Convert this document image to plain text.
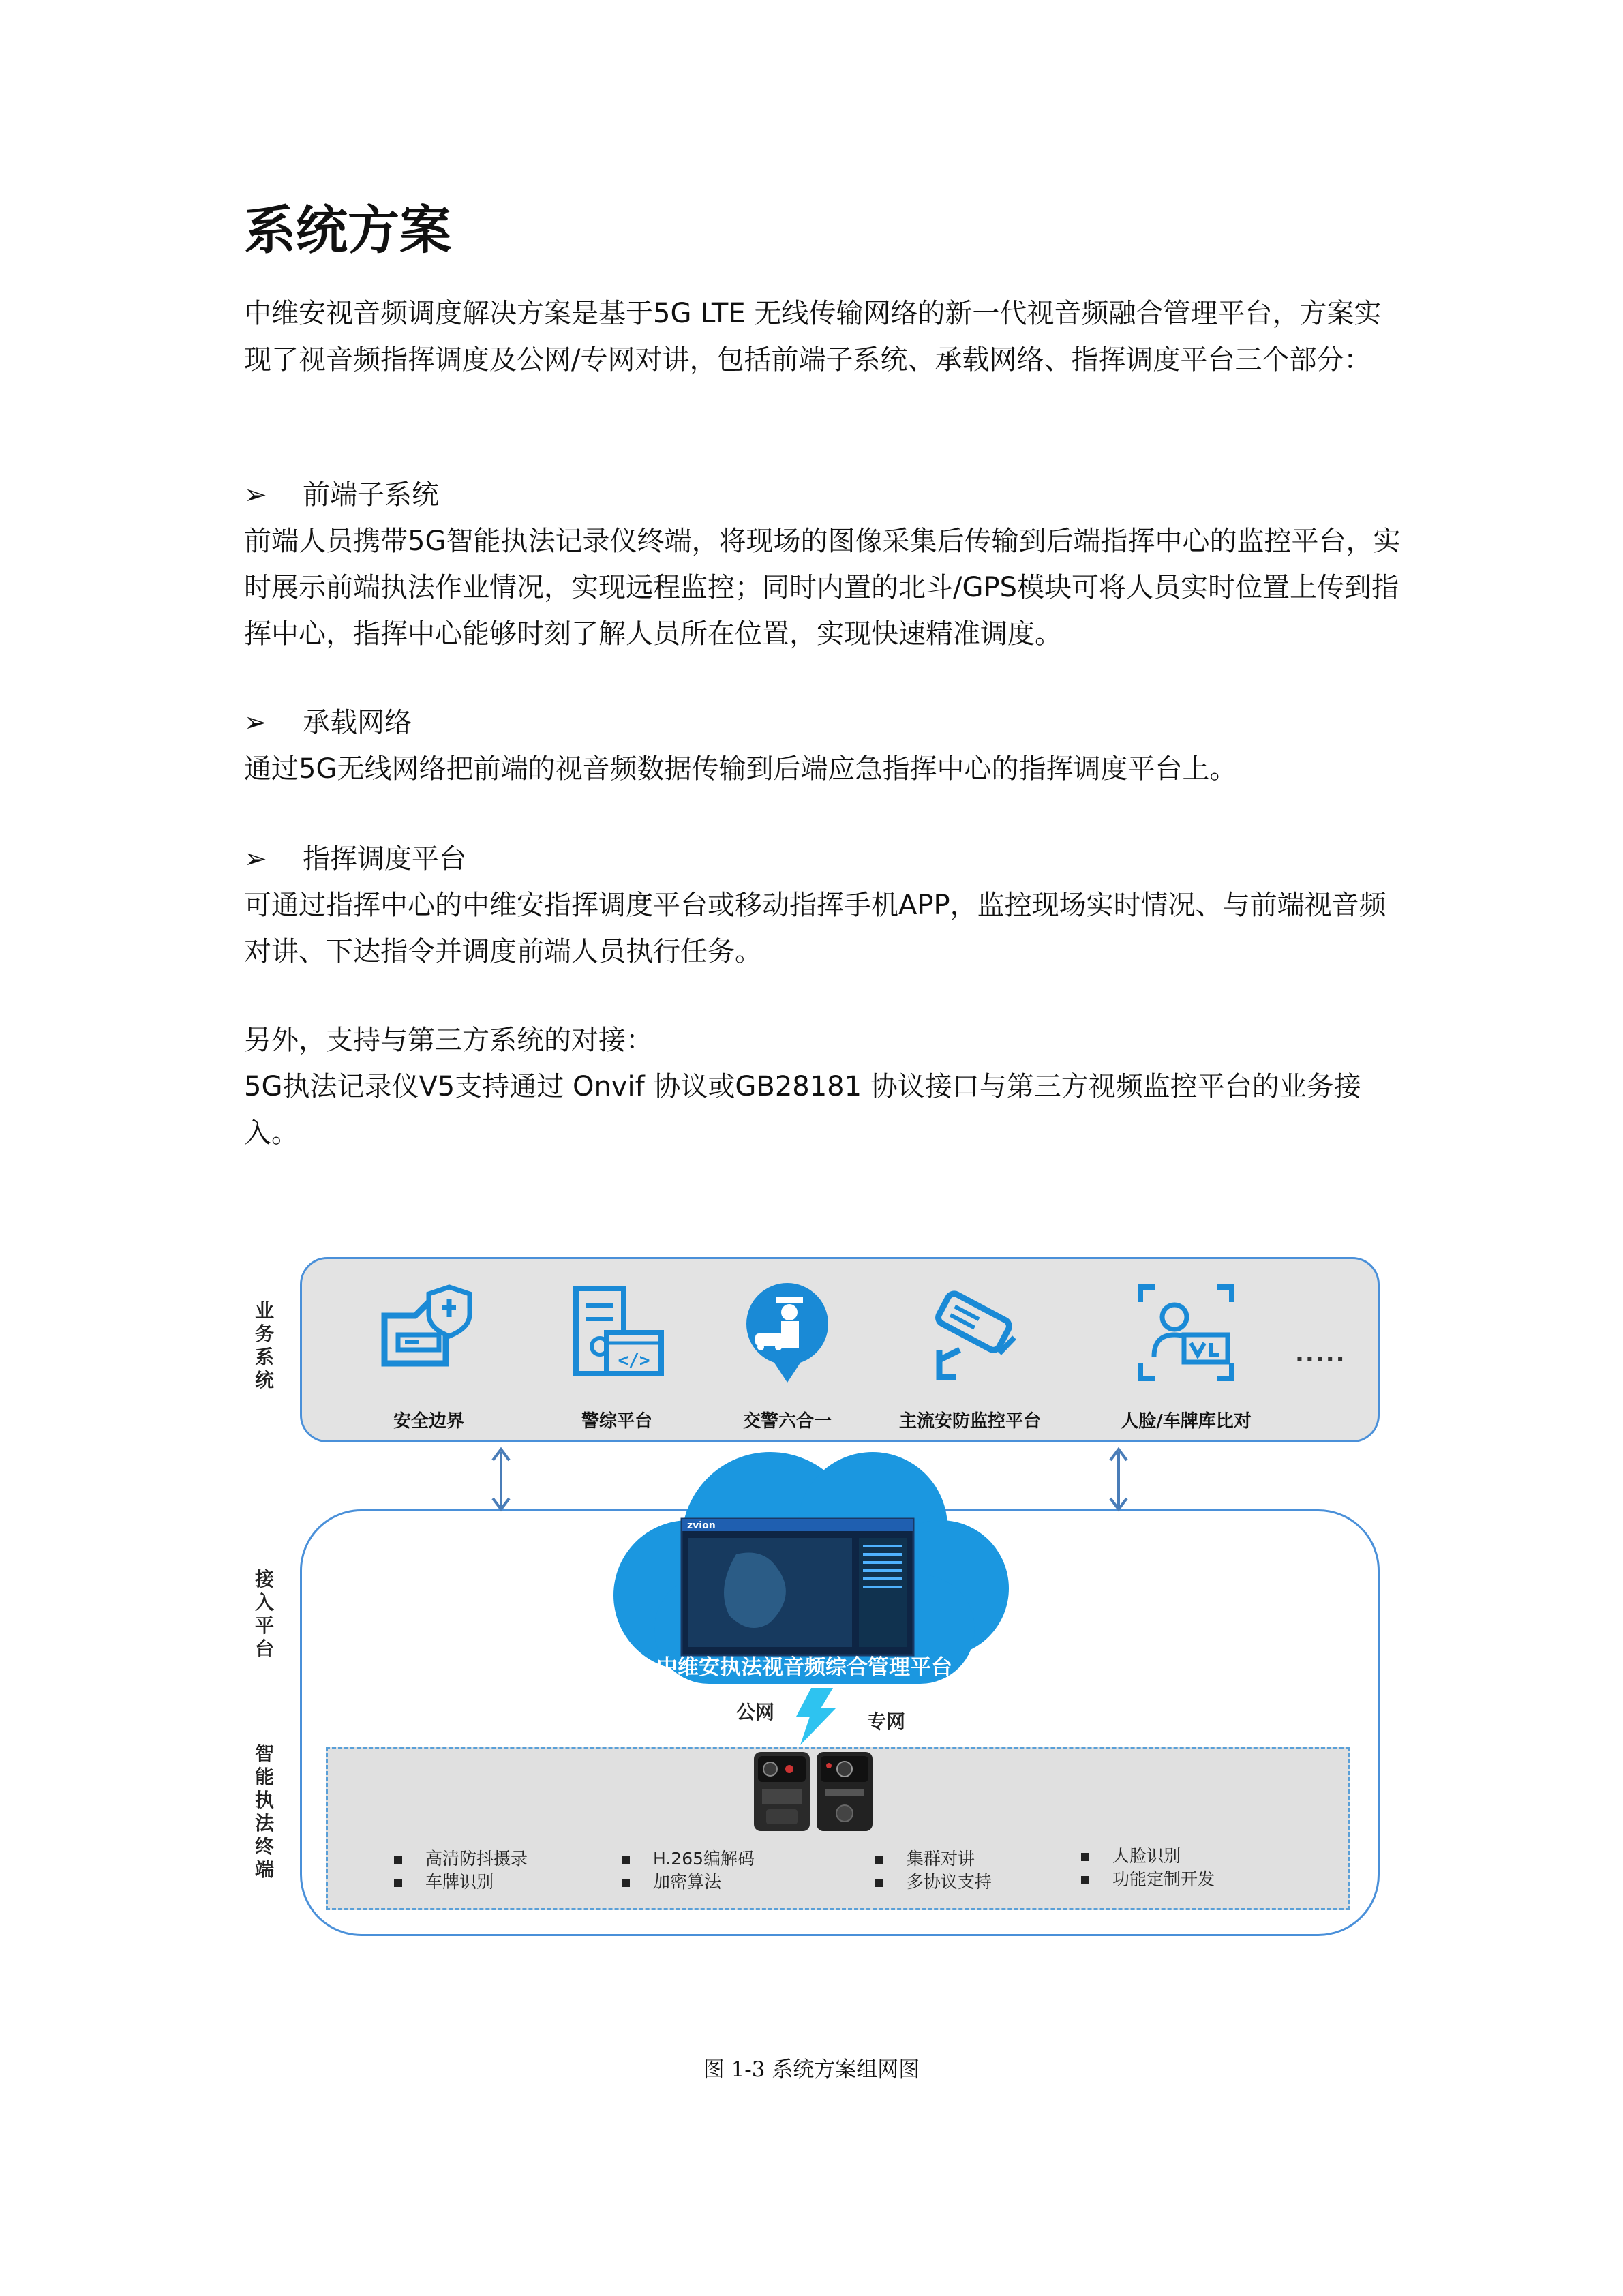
系统方案

中维安视音频调度解决方案是基于5G LTE 无线传输网络的新一代视音频融合管理平台，方案实现了视音频指挥调度及公网/专网对讲，包括前端子系统、承载网络、指挥调度平台三个部分：

➢ 前端子系统

前端人员携带5G智能执法记录仪终端，将现场的图像采集后传输到后端指挥中心的监控平台，实时展示前端执法作业情况，实现远程监控；同时内置的北斗/GPS模块可将人员实时位置上传到指挥中心，指挥中心能够时刻了解人员所在位置，实现快速精准调度。

➢ 承载网络

通过5G无线网络把前端的视音频数据传输到后端应急指挥中心的指挥调度平台上。

➢ 指挥调度平台

可通过指挥中心的中维安指挥调度平台或移动指挥手机APP，监控现场实时情况、与前端视音频对讲、下达指令并调度前端人员执行任务。

另外，支持与第三方系统的对接：

5G执法记录仪V5支持通过 Onvif 协议或GB28181 协议接口与第三方视频监控平台的业务接入。

业务系统
接入平台
智能执法终端
安全边界
</>
警综平台	交警六合一	主流安防监控平台	人脸/车牌库比对
·····
zvion
中维安执法视音频综合管理平台
公网	专网
高清防抖摄录
车牌识别
H.265编解码
加密算法
集群对讲
多协议支持
人脸识别
功能定制开发
图 1-3 系统方案组网图
